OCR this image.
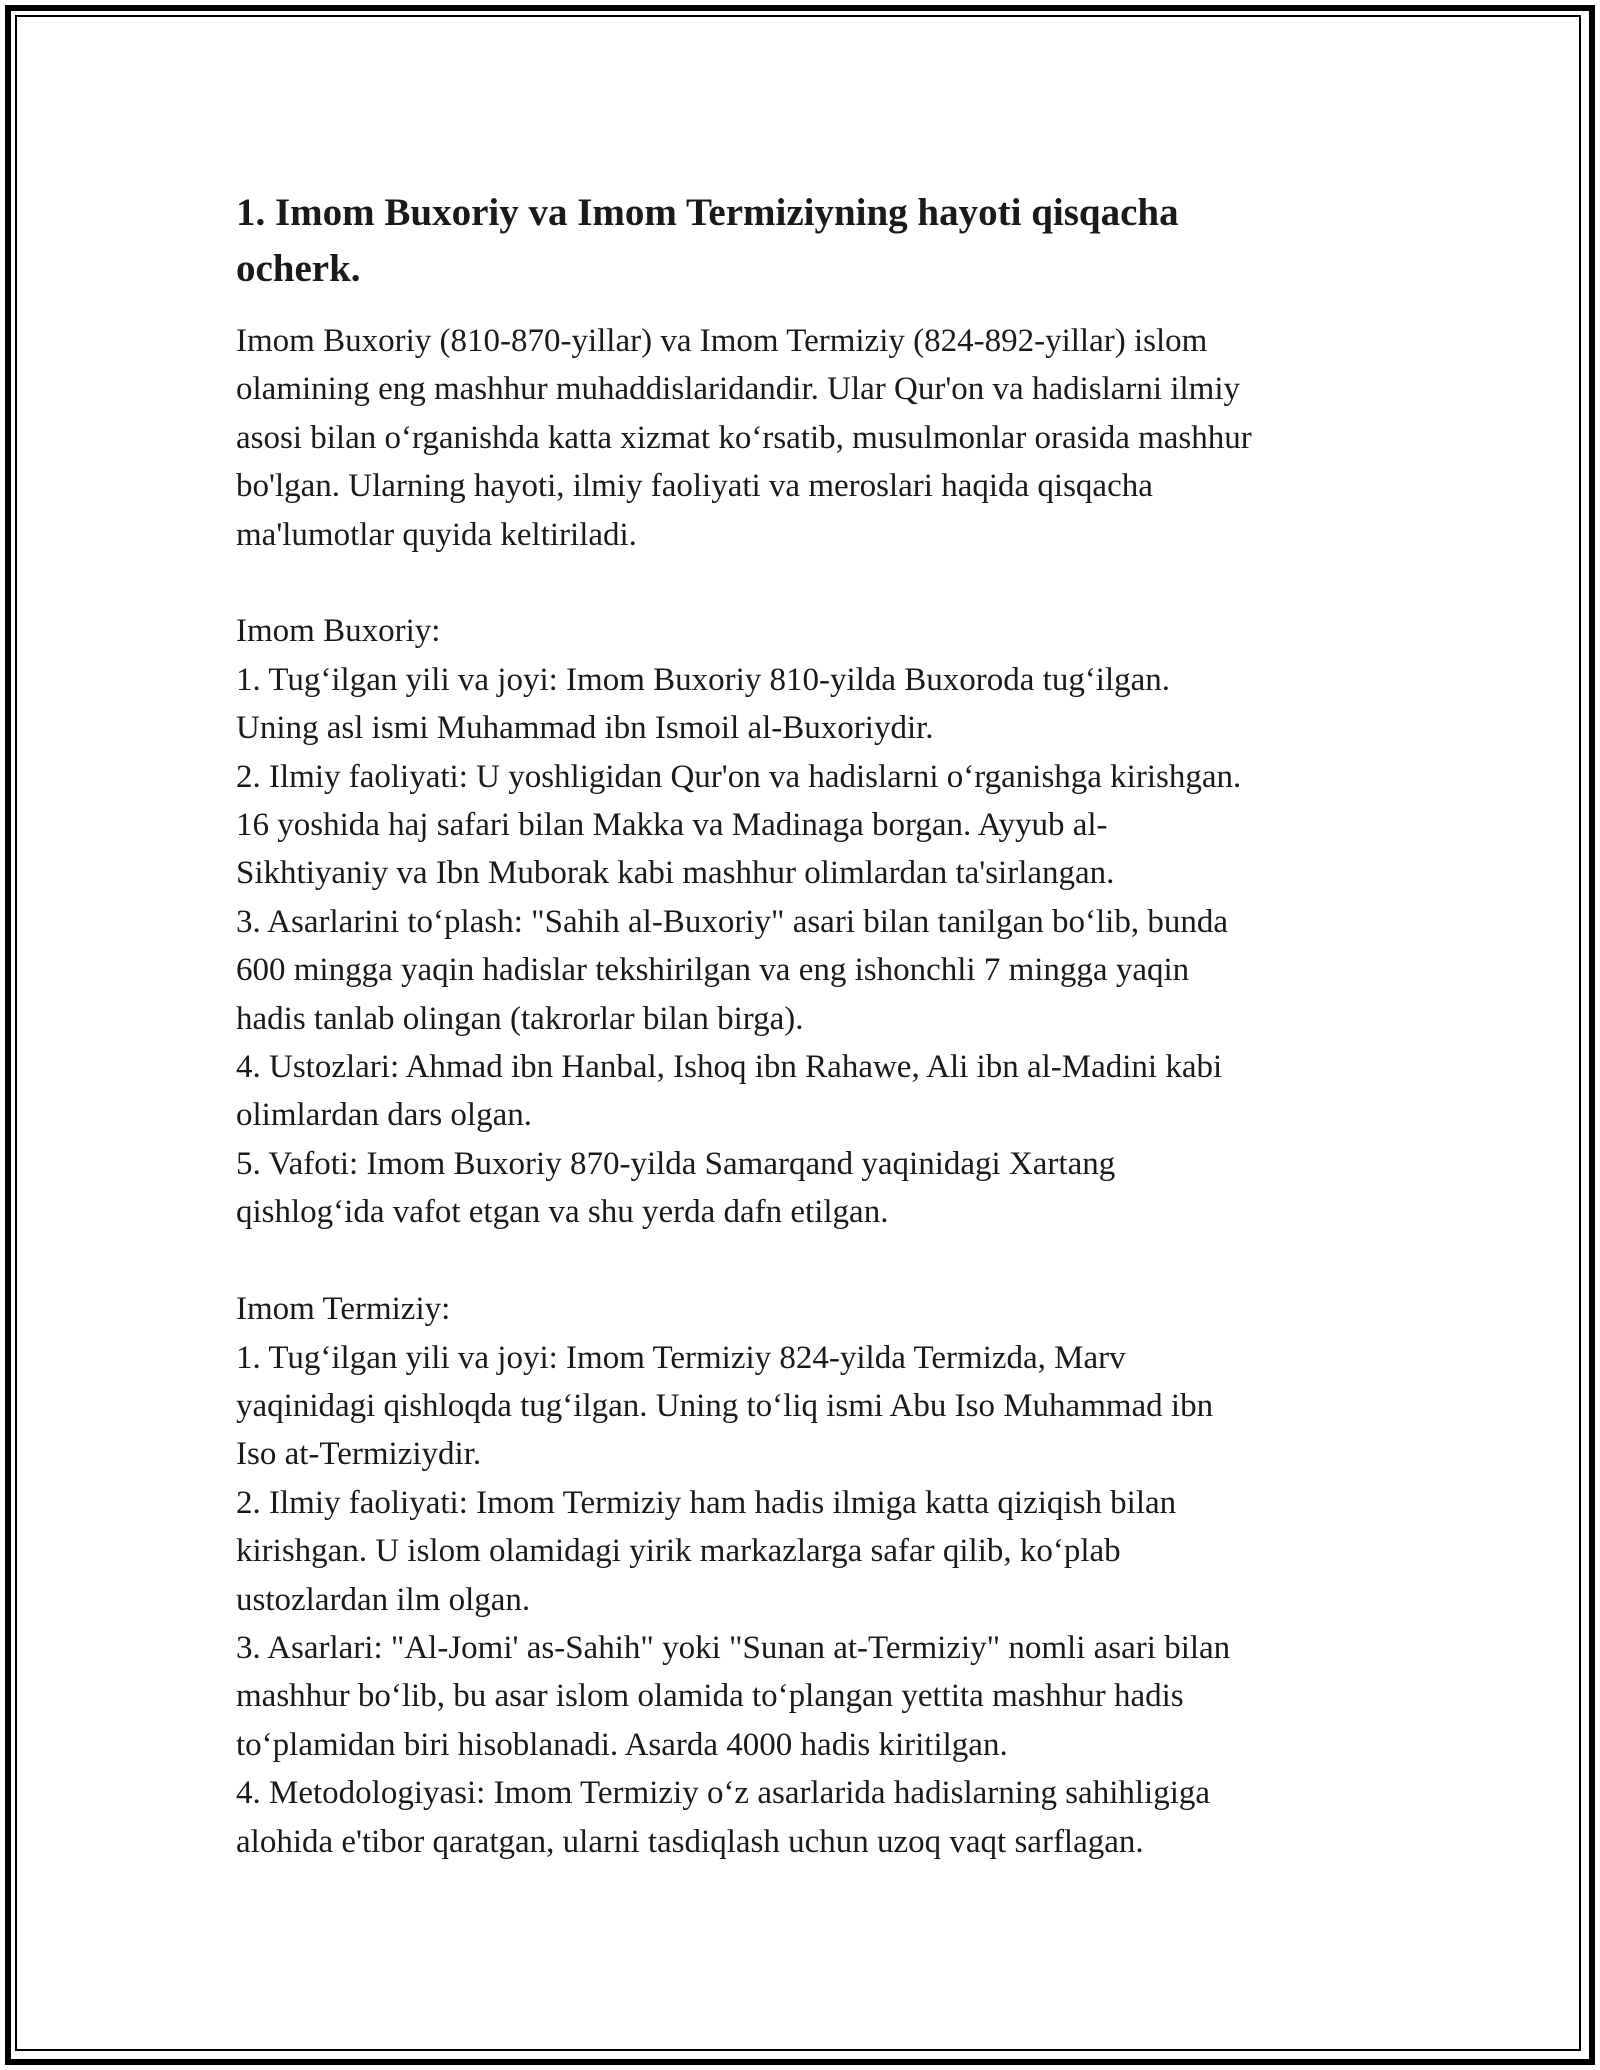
1. Imom Buxoriy va Imom Termiziyning hayoti qisqacha ocherk.

Imom Buxoriy (810-870-yillar) va Imom Termiziy (824-892-yillar) islom

olamining eng mashhur muhaddislaridandir. Ular Qur'on va hadislarni ilmiy

asosi bilan o‘rganishda katta xizmat ko‘rsatib, musulmonlar orasida mashhur

bo'lgan. Ularning hayoti, ilmiy faoliyati va meroslari haqida qisqacha

ma'lumotlar quyida keltiriladi.

Imom Buxoriy:

1. Tug‘ilgan yili va joyi: Imom Buxoriy 810-yilda Buxoroda tug‘ilgan.

Uning asl ismi Muhammad ibn Ismoil al-Buxoriydir.

2. Ilmiy faoliyati: U yoshligidan Qur'on va hadislarni o‘rganishga kirishgan.

16 yoshida haj safari bilan Makka va Madinaga borgan. Ayyub al-

Sikhtiyaniy va Ibn Muborak kabi mashhur olimlardan ta'sirlangan.

3. Asarlarini to‘plash: "Sahih al-Buxoriy" asari bilan tanilgan bo‘lib, bunda

600 mingga yaqin hadislar tekshirilgan va eng ishonchli 7 mingga yaqin

hadis tanlab olingan (takrorlar bilan birga).

4. Ustozlari: Ahmad ibn Hanbal, Ishoq ibn Rahawe, Ali ibn al-Madini kabi

olimlardan dars olgan.

5. Vafoti: Imom Buxoriy 870-yilda Samarqand yaqinidagi Xartang

qishlog‘ida vafot etgan va shu yerda dafn etilgan.

Imom Termiziy:

1. Tug‘ilgan yili va joyi: Imom Termiziy 824-yilda Termizda, Marv

yaqinidagi qishloqda tug‘ilgan. Uning to‘liq ismi Abu Iso Muhammad ibn

Iso at-Termiziydir.

2. Ilmiy faoliyati: Imom Termiziy ham hadis ilmiga katta qiziqish bilan

kirishgan. U islom olamidagi yirik markazlarga safar qilib, ko‘plab

ustozlardan ilm olgan.

3. Asarlari: "Al-Jomi' as-Sahih" yoki "Sunan at-Termiziy" nomli asari bilan

mashhur bo‘lib, bu asar islom olamida to‘plangan yettita mashhur hadis

to‘plamidan biri hisoblanadi. Asarda 4000 hadis kiritilgan.

4. Metodologiyasi: Imom Termiziy o‘z asarlarida hadislarning sahihligiga

alohida e'tibor qaratgan, ularni tasdiqlash uchun uzoq vaqt sarflagan.
